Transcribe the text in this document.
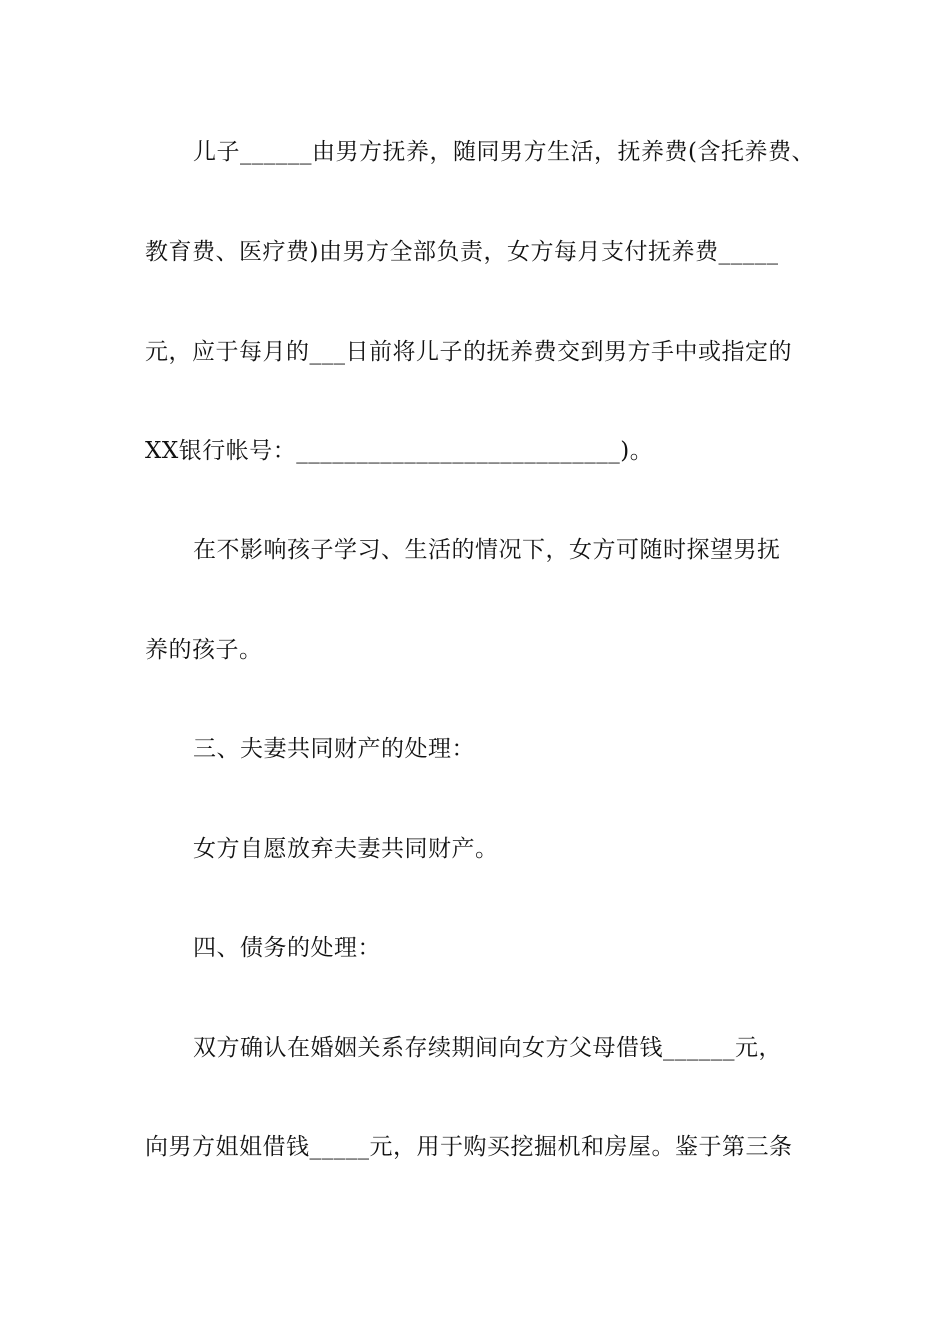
儿子______由男方抚养，随同男方生活，抚养费(含托养费、
教育费、医疗费)由男方全部负责，女方每月支付抚养费_____
元，应于每月的___日前将儿子的抚养费交到男方手中或指定的
XX银行帐号：___________________________)。
在不影响孩子学习、生活的情况下，女方可随时探望男抚
养的孩子。
三、夫妻共同财产的处理：
女方自愿放弃夫妻共同财产。
四、债务的处理：
双方确认在婚姻关系存续期间向女方父母借钱______元，
向男方姐姐借钱_____元，用于购买挖掘机和房屋。鉴于第三条
